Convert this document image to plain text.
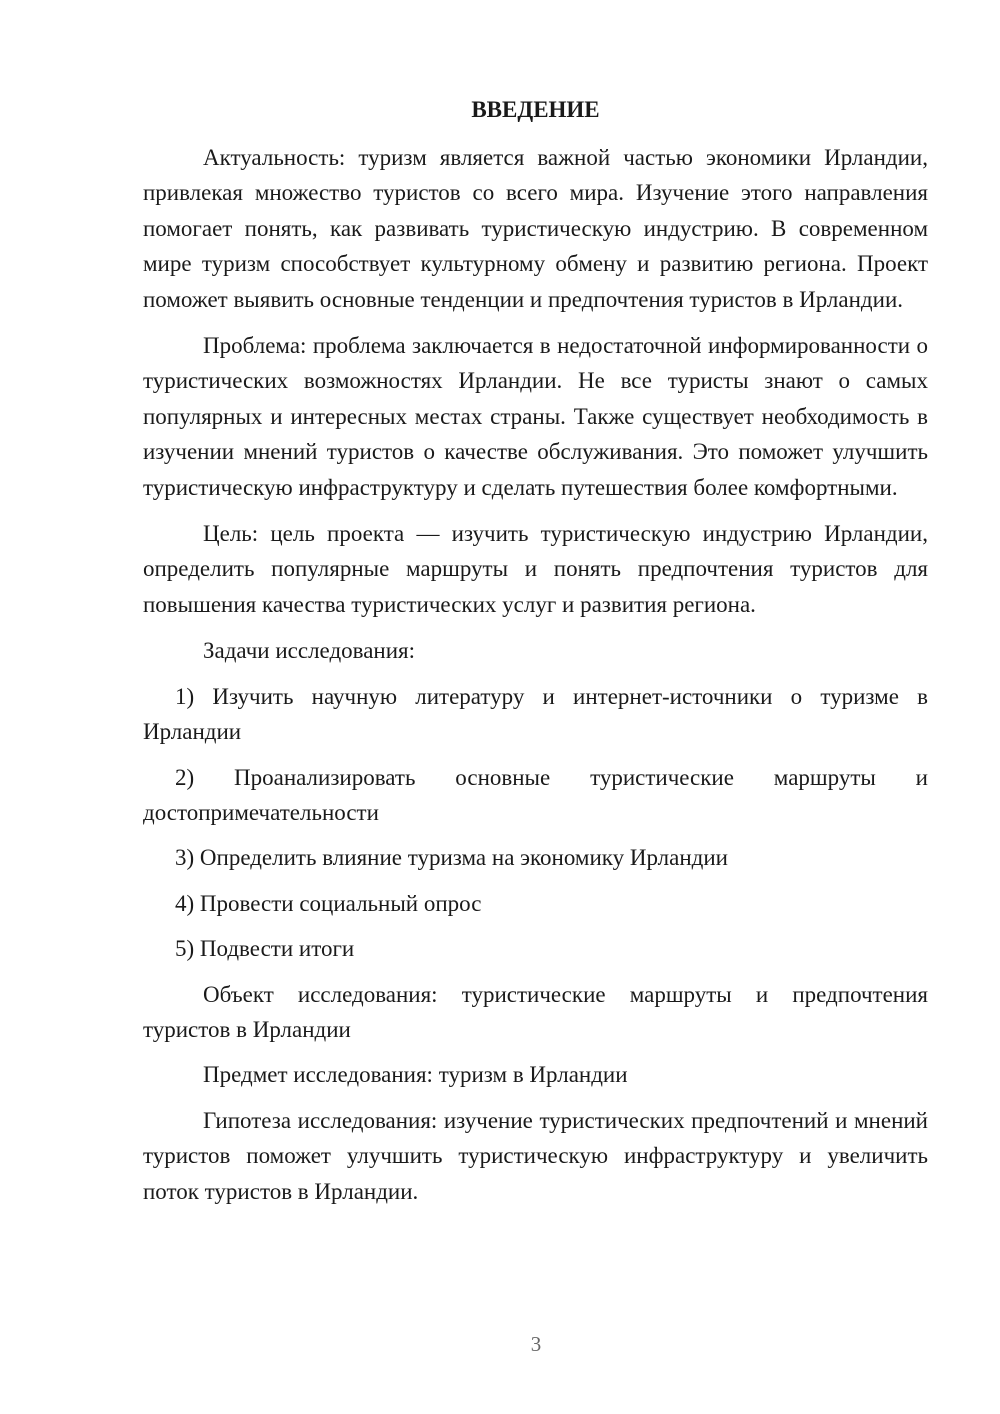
ВВЕДЕНИЕ

Актуальность: туризм является важной частью экономики Ирландии, привлекая множество туристов со всего мира. Изучение этого направления помогает понять, как развивать туристическую индустрию. В современном мире туризм способствует культурному обмену и развитию региона. Проект поможет выявить основные тенденции и предпочтения туристов в Ирландии.

Проблема: проблема заключается в недостаточной информированности о туристических возможностях Ирландии. Не все туристы знают о самых популярных и интересных местах страны. Также существует необходимость в изучении мнений туристов о качестве обслуживания. Это поможет улучшить туристическую инфраструктуру и сделать путешествия более комфортными.

Цель: цель проекта — изучить туристическую индустрию Ирландии, определить популярные маршруты и понять предпочтения туристов для повышения качества туристических услуг и развития региона.

Задачи исследования:

1) Изучить научную литературу и интернет-источники о туризме в Ирландии

2) Проанализировать основные туристические маршруты и достопримечательности

3) Определить влияние туризма на экономику Ирландии

4) Провести социальный опрос

5) Подвести итоги

Объект исследования: туристические маршруты и предпочтения туристов в Ирландии

Предмет исследования: туризм в Ирландии

Гипотеза исследования: изучение туристических предпочтений и мнений туристов поможет улучшить туристическую инфраструктуру и увеличить поток туристов в Ирландии.

3
